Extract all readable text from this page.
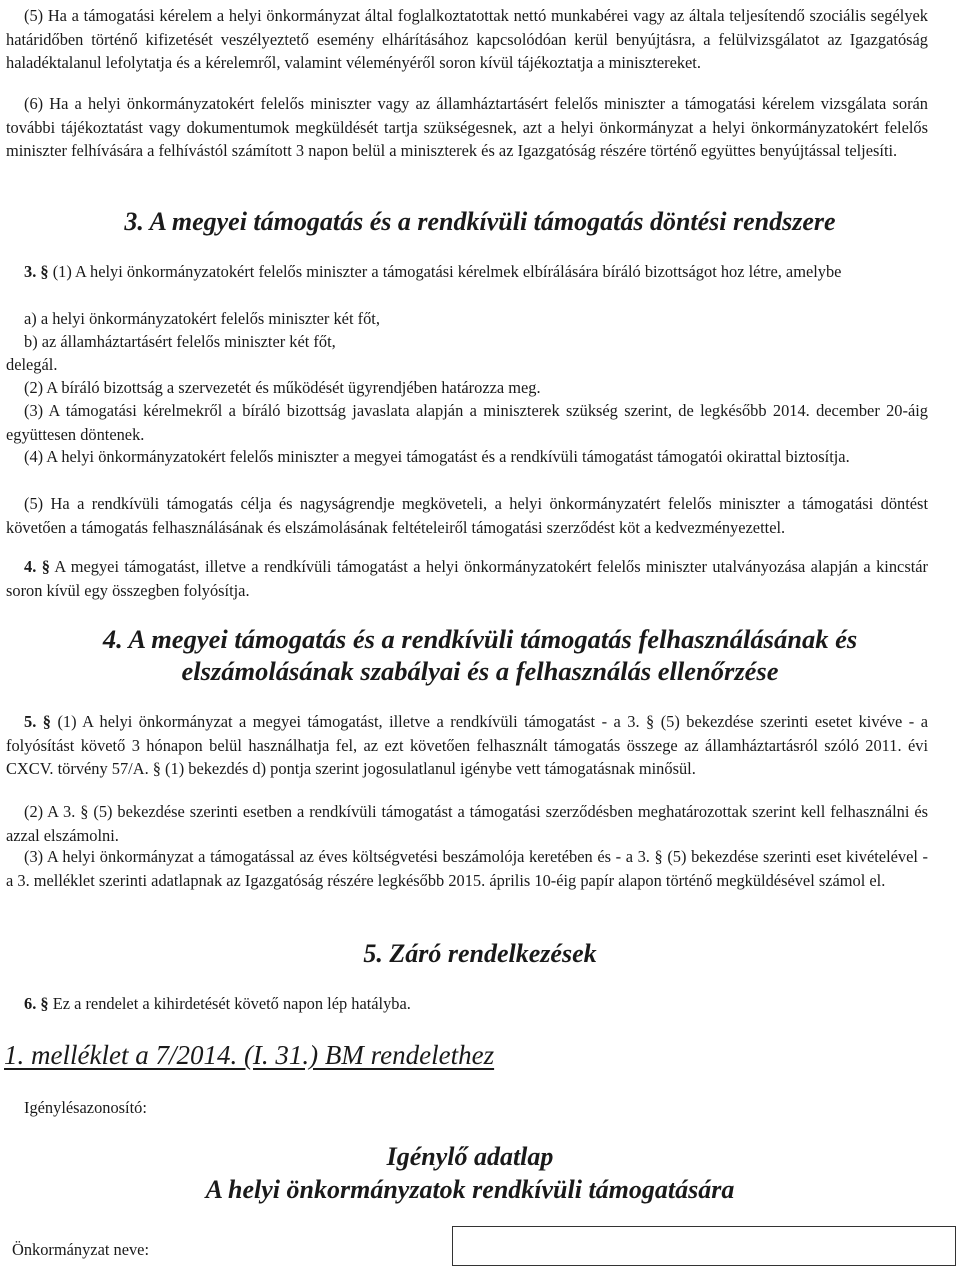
(5) Ha a támogatási kérelem a helyi önkormányzat által foglalkoztatottak nettó munkabérei vagy az általa teljesítendő szociális segélyek határidőben történő kifizetését veszélyeztető esemény elhárításához kapcsolódóan kerül benyújtásra, a felülvizsgálatot az Igazgatóság haladéktalanul lefolytatja és a kérelemről, valamint véleményéről soron kívül tájékoztatja a minisztereket.

(6) Ha a helyi önkormányzatokért felelős miniszter vagy az államháztartásért felelős miniszter a támogatási kérelem vizsgálata során további tájékoztatást vagy dokumentumok megküldését tartja szükségesnek, azt a helyi önkormányzat a helyi önkormányzatokért felelős miniszter felhívására a felhívástól számított 3 napon belül a miniszterek és az Igazgatóság részére történő együttes benyújtással teljesíti.

3. A megyei támogatás és a rendkívüli támogatás döntési rendszere

3. § (1) A helyi önkormányzatokért felelős miniszter a támogatási kérelmek elbírálására bíráló bizottságot hoz létre, amelybe

a) a helyi önkormányzatokért felelős miniszter két főt,

b) az államháztartásért felelős miniszter két főt,

delegál.

(2) A bíráló bizottság a szervezetét és működését ügyrendjében határozza meg.

(3) A támogatási kérelmekről a bíráló bizottság javaslata alapján a miniszterek szükség szerint, de legkésőbb 2014. december 20-áig együttesen döntenek.

(4) A helyi önkormányzatokért felelős miniszter a megyei támogatást és a rendkívüli támogatást támogatói okirattal biztosítja.

(5) Ha a rendkívüli támogatás célja és nagyságrendje megköveteli, a helyi önkormányzatért felelős miniszter a támogatási döntést követően a támogatás felhasználásának és elszámolásának feltételeiről támogatási szerződést köt a kedvezményezettel.

4. § A megyei támogatást, illetve a rendkívüli támogatást a helyi önkormányzatokért felelős miniszter utalványozása alapján a kincstár soron kívül egy összegben folyósítja.

4. A megyei támogatás és a rendkívüli támogatás felhasználásának és
elszámolásának szabályai és a felhasználás ellenőrzése

5. § (1) A helyi önkormányzat a megyei támogatást, illetve a rendkívüli támogatást - a 3. § (5) bekezdése szerinti esetet kivéve - a folyósítást követő 3 hónapon belül használhatja fel, az ezt követően felhasznált támogatás összege az államháztartásról szóló 2011. évi CXCV. törvény 57/A. § (1) bekezdés d) pontja szerint jogosulatlanul igénybe vett támogatásnak minősül.

(2) A 3. § (5) bekezdése szerinti esetben a rendkívüli támogatást a támogatási szerződésben meghatározottak szerint kell felhasználni és azzal elszámolni.

(3) A helyi önkormányzat a támogatással az éves költségvetési beszámolója keretében és - a 3. § (5) bekezdése szerinti eset kivételével - a 3. melléklet szerinti adatlapnak az Igazgatóság részére legkésőbb 2015. április 10-éig papír alapon történő megküldésével számol el.

5. Záró rendelkezések

6. § Ez a rendelet a kihirdetését követő napon lép hatályba.

1. melléklet a 7/2014. (I. 31.) BM rendelethez

Igénylésazonosító:

Igénylő adatlap

A helyi önkormányzatok rendkívüli támogatására

Önkormányzat neve:
